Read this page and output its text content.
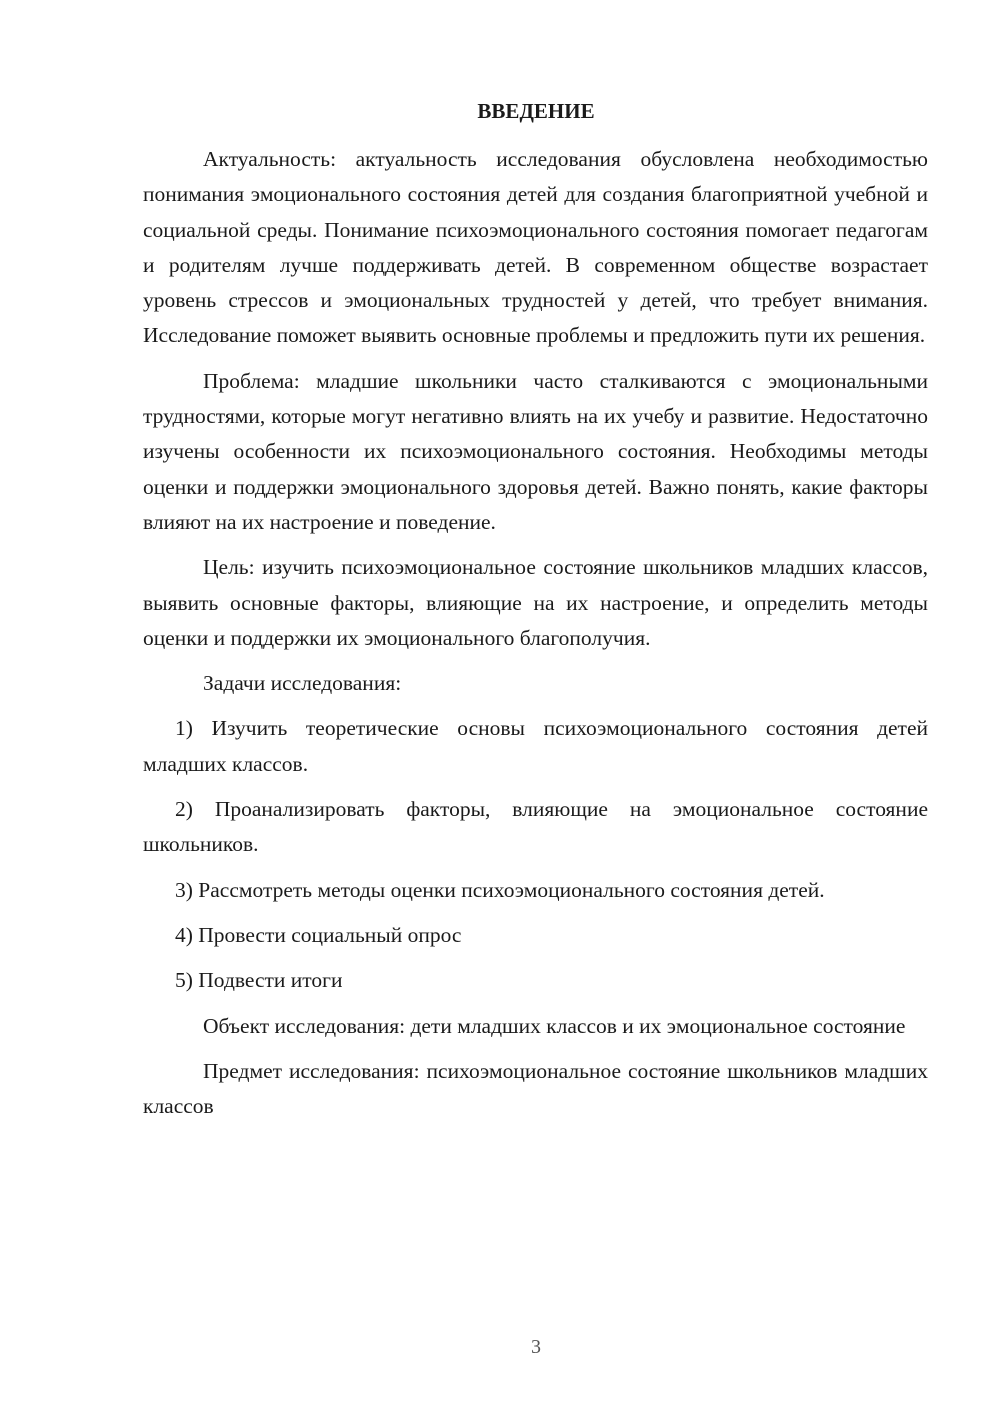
ВВЕДЕНИЕ

Актуальность: актуальность исследования обусловлена необходимостью понимания эмоционального состояния детей для создания благоприятной учебной и социальной среды. Понимание психоэмоционального состояния помогает педагогам и родителям лучше поддерживать детей. В современном обществе возрастает уровень стрессов и эмоциональных трудностей у детей, что требует внимания. Исследование поможет выявить основные проблемы и предложить пути их решения.

Проблема: младшие школьники часто сталкиваются с эмоциональными трудностями, которые могут негативно влиять на их учебу и развитие. Недостаточно изучены особенности их психоэмоционального состояния. Необходимы методы оценки и поддержки эмоционального здоровья детей. Важно понять, какие факторы влияют на их настроение и поведение.

Цель: изучить психоэмоциональное состояние школьников младших классов, выявить основные факторы, влияющие на их настроение, и определить методы оценки и поддержки их эмоционального благополучия.

Задачи исследования:

1) Изучить теоретические основы психоэмоционального состояния детей младших классов.

2) Проанализировать факторы, влияющие на эмоциональное состояние школьников.

3) Рассмотреть методы оценки психоэмоционального состояния детей.

4) Провести социальный опрос

5) Подвести итоги

Объект исследования: дети младших классов и их эмоциональное состояние

Предмет исследования: психоэмоциональное состояние школьников младших классов

3
